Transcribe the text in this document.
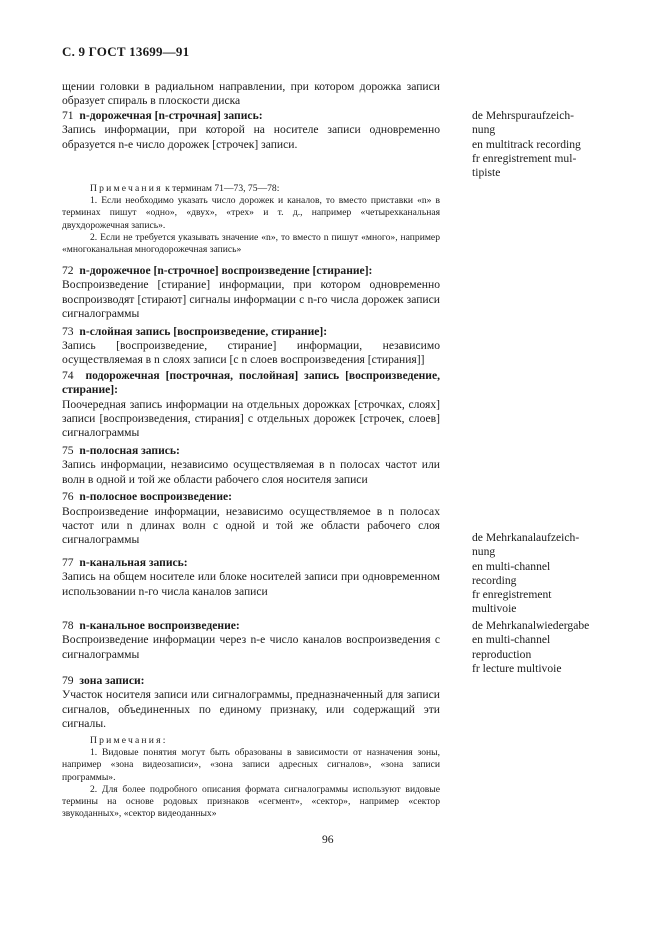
С. 9 ГОСТ 13699—91

щении головки в радиальном направлении, при котором дорожка записи образует спираль в плоскости диска

71 n-дорожечная [n-строчная] запись:

Запись информации, при которой на носителе записи одновременно образуется n-е число дорожек [строчек] записи.

de Mehrspuraufzeich-
nung
en multitrack recording
fr enregistrement mul-
tipiste

Примечания к терминам 71—73, 75—78:

1. Если необходимо указать число дорожек и каналов, то вместо приставки «n» в терминах пишут «одно», «двух», «трех» и т. д., например «четырехканальная двухдорожечная запись».

2. Если не требуется указывать значение «n», то вместо n пишут «много», например «многоканальная многодорожечная запись»

72 n-дорожечное [n-строчное] воспроизведение [стирание]:

Воспроизведение [стирание] информации, при котором одновременно воспроизводят [стирают] сигналы информации с n-го числа дорожек записи сигналограммы

73 n-слойная запись [воспроизведение, стирание]:

Запись [воспроизведение, стирание] информации, независимо осуществляемая в n слоях записи [с n слоев воспроизведения [стирания]]

74 подорожечная [построчная, послойная] запись [воспроизведение, стирание]:

Поочередная запись информации на отдельных дорожках [строчках, слоях] записи [воспроизведения, стирания] с отдельных дорожек [строчек, слоев] сигналограммы

75 n-полосная запись:

Запись информации, независимо осуществляемая в n полосах частот или волн в одной и той же области рабочего слоя носителя записи

76 n-полосное воспроизведение:

Воспроизведение информации, независимо осуществляемое в n полосах частот или n длинах волн с одной и той же области рабочего слоя сигналограммы

77 n-канальная запись:

Запись на общем носителе или блоке носителей записи при одновременном использовании n-го числа каналов записи

de Mehrkanalaufzeich-
nung
en multi-channel
recording
fr enregistrement
multivoie

78 n-канальное воспроизведение:

Воспроизведение информации через n-е число каналов воспроизведения с сигналограммы

de Mehrkanalwiedergabe
en multi-channel
reproduction
fr lecture multivoie

79 зона записи:

Участок носителя записи или сигналограммы, предназначенный для записи сигналов, объединенных по единому признаку, или содержащий эти сигналы.

Примечания:

1. Видовые понятия могут быть образованы в зависимости от назначения зоны, например «зона видеозаписи», «зона записи адресных сигналов», «зона записи программы».

2. Для более подробного описания формата сигналограммы используют видовые термины на основе родовых признаков «сегмент», «сектор», например «сектор звукоданных», «сектор видеоданных»

96
